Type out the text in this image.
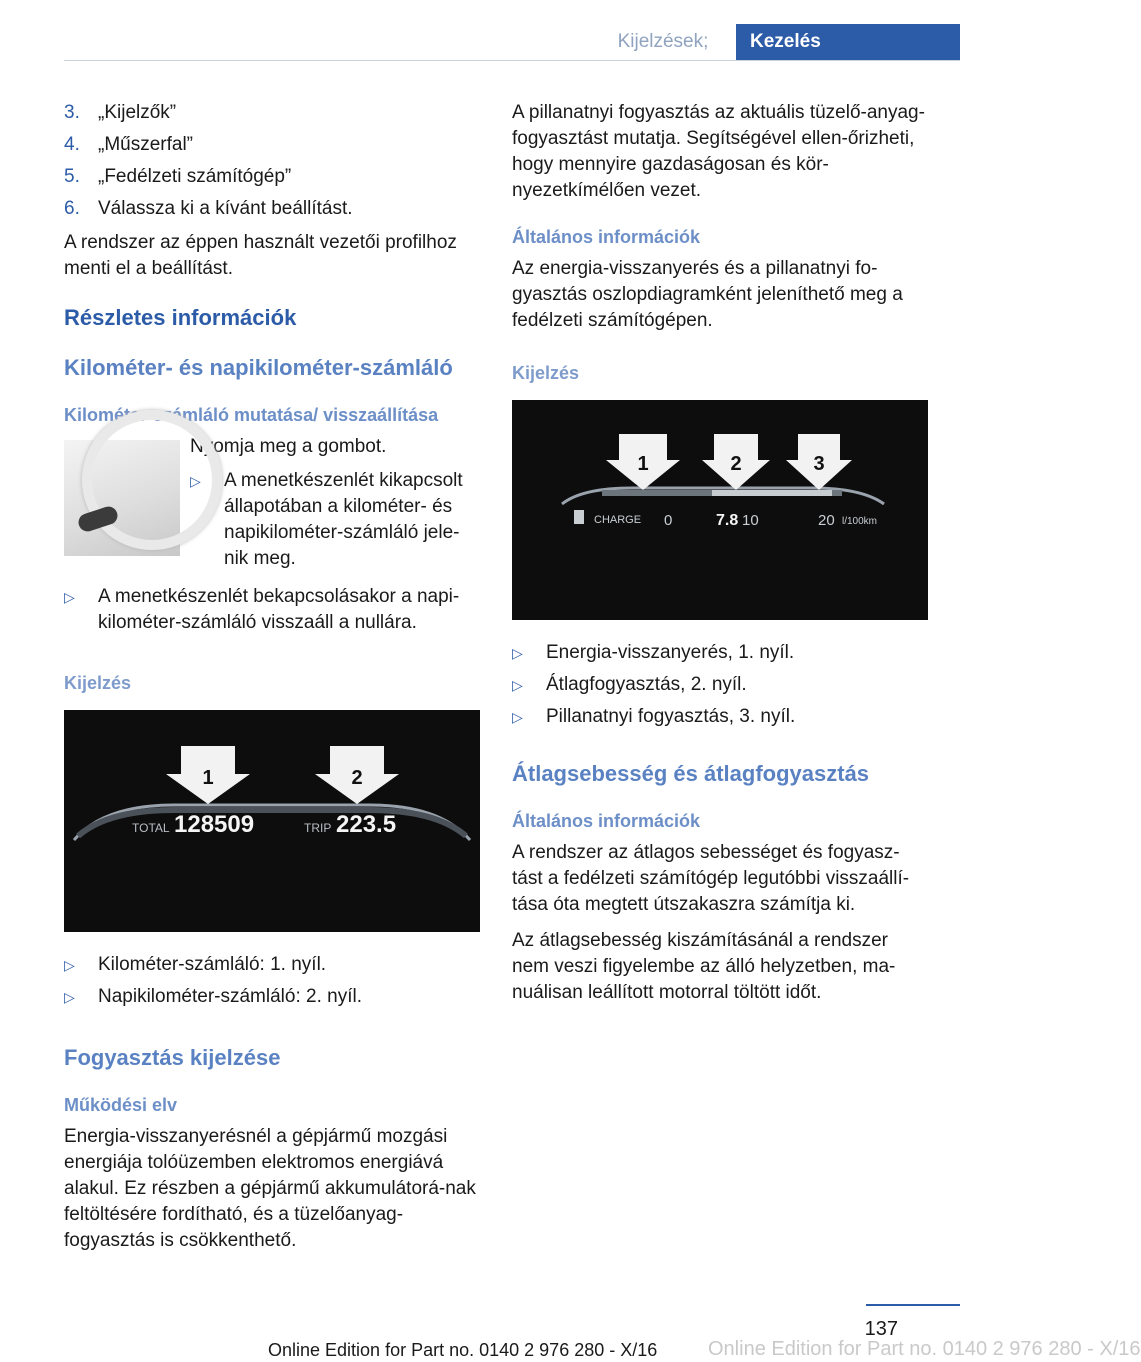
Kijelzések;	Kezelés
3. „Kijelzők”
4. „Műszerfal”
5. „Fedélzeti számítógép”
6. Válassza ki a kívánt beállítást.

A rendszer az éppen használt vezetői profilhoz menti el a beállítást.

Részletes információk
Kilométer- és napikilométer-számláló
Kilométer-számláló mutatása/ visszaállítása

Nyomja meg a gombot.

▷	A menetkészenlét kikapcsolt állapotában a kilométer- és napikilométer-számláló jele-nik meg.
▷	A menetkészenlét bekapcsolásakor a napi-kilométer-számláló visszaáll a nullára.
Kijelzés
1	2
TOTAL 128509	TRIP 223.5
▷	Kilométer-számláló: 1. nyíl.
▷	Napikilométer-számláló: 2. nyíl.
Fogyasztás kijelzése
Működési elv

Energia-visszanyerésnél a gépjármű mozgási energiája tolóüzemben elektromos energiává alakul. Ez részben a gépjármű akkumulátorá-nak feltöltésére fordítható, és a tüzelőanyag-fogyasztás is csökkenthető.

A pillanatnyi fogyasztás az aktuális tüzelő-anyag-fogyasztást mutatja. Segítségével ellen-őrizheti, hogy mennyire gazdaságosan és kör-nyezetkímélően vezet.

Általános információk

Az energia-visszanyerés és a pillanatnyi fo-gyasztás oszlopdiagramként jeleníthető meg a fedélzeti számítógépen.

Kijelzés
1	2	3
CHARGE 0	7.8 10	20 l/100km
▷	Energia-visszanyerés, 1. nyíl.
▷	Átlagfogyasztás, 2. nyíl.
▷	Pillanatnyi fogyasztás, 3. nyíl.
Átlagsebesség és átlagfogyasztás
Általános információk

A rendszer az átlagos sebességet és fogyasz-tást a fedélzeti számítógép legutóbbi visszaállí-tása óta megtett útszakaszra számítja ki.

Az átlagsebesség kiszámításánál a rendszer nem veszi figyelembe az álló helyzetben, ma-nuálisan leállított motorral töltött időt.

137
Online Edition for Part no. 0140 2 976 280 - X/16	Online Edition for Part no. 0140 2 976 280 - X/16
